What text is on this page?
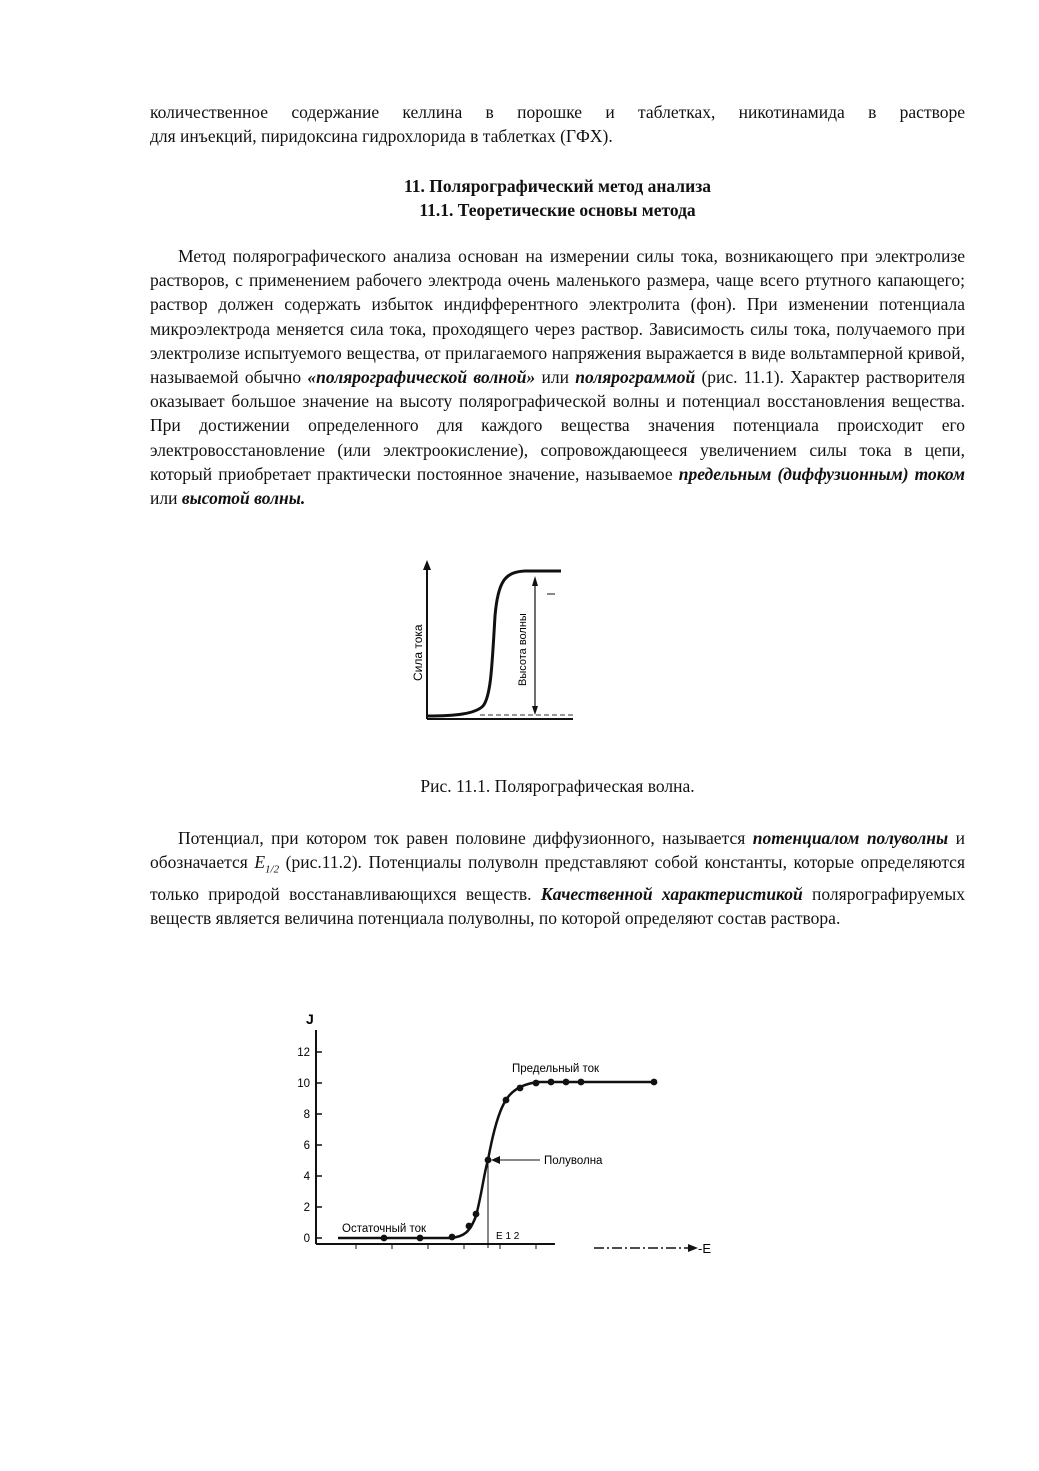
количественное содержание келлина в порошке и таблетках, никотинамида в растворе

для инъекций, пиридоксина гидрохлорида в таблетках (ГФХ).

11. Полярографический метод анализа
11.1. Теоретические основы метода

Метод полярографического анализа основан на измерении силы тока, возникающего при электролизе растворов, с применением рабочего электрода очень маленького размера, чаще всего ртутного капающего; раствор должен содержать избыток индифферентного электролита (фон). При изменении потенциала микроэлектрода меняется сила тока, проходящего через раствор. Зависимость силы тока, получаемого при электролизе испытуемого вещества, от прилагаемого напряжения выражается в виде вольтамперной кривой, называемой обычно «полярографической волной» или полярограммой (рис. 11.1). Характер растворителя оказывает большое значение на высоту полярографической волны и потенциал восстановления вещества. При достижении определенного для каждого вещества значения потенциала происходит его электровосстановление (или электроокисление), сопровождающееся увеличением силы тока в цепи, который приобретает практически постоянное значение, называемое предельным (диффузионным) током или высотой волны.

Сила тока	Высота волны
Рис. 11.1. Полярографическая волна.

Потенциал, при котором ток равен половине диффузионного, называется потенциалом полуволны и обозначается $E_{1/2}$ (рис.11.2). Потенциалы полуволн представляют собой константы, которые определяются только природой восстанавливающихся веществ. Качественной характеристикой полярографируемых веществ является величина потенциала полуволны, по которой определяют состав раствора.

J
12
10
8
6
4
2
0
Предельный ток
Полуволна
Остаточный ток
Е 1 2
-Е
